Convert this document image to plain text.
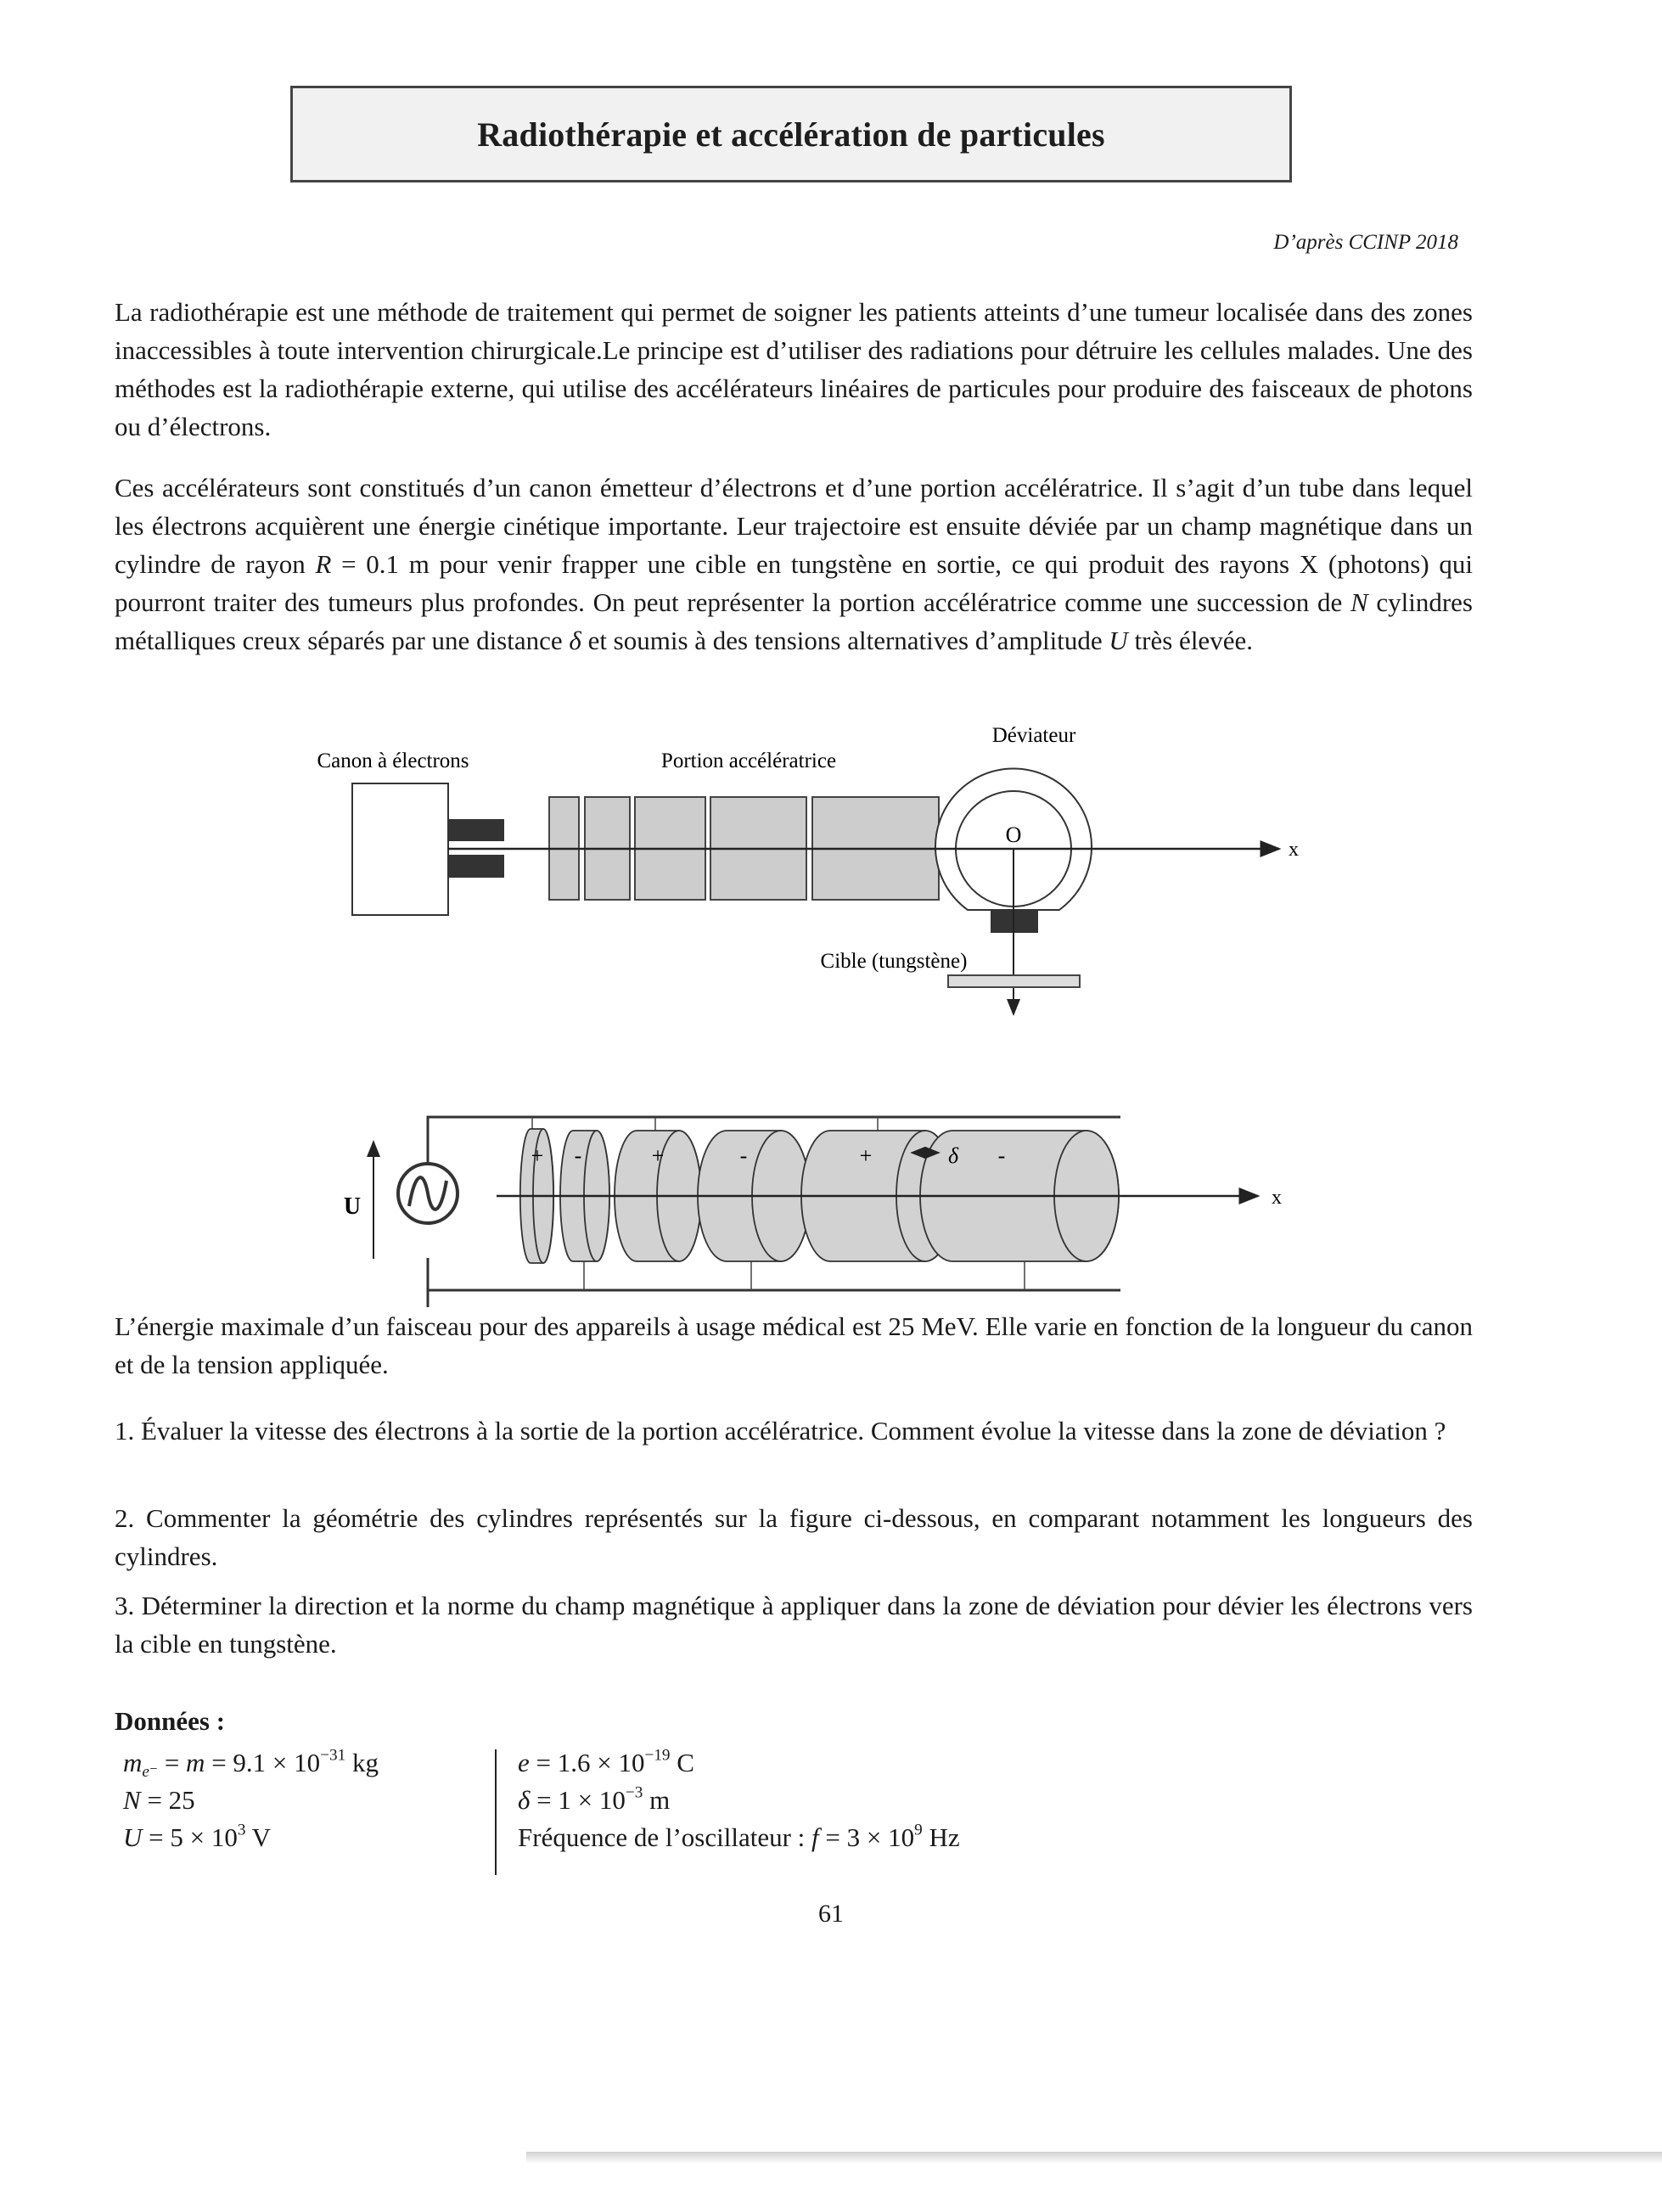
Radiothérapie et accélération de particules
D’après CCINP 2018

La radiothérapie est une méthode de traitement qui permet de soigner les patients atteints d’une tumeur localisée dans des zones inaccessibles à toute intervention chirurgicale.Le principe est d’utiliser des radiations pour détruire les cellules malades. Une des méthodes est la radiothérapie externe, qui utilise des accélérateurs linéaires de particules pour produire des faisceaux de photons ou d’électrons.

Ces accélérateurs sont constitués d’un canon émetteur d’électrons et d’une portion accélératrice. Il s’agit d’un tube dans lequel les électrons acquièrent une énergie cinétique importante. Leur trajectoire est ensuite déviée par un champ magnétique dans un cylindre de rayon R = 0.1 m pour venir frapper une cible en tungstène en sortie, ce qui produit des rayons X (photons) qui pourront traiter des tumeurs plus profondes. On peut représenter la portion accélératrice comme une succession de N cylindres métalliques creux séparés par une distance δ et soumis à des tensions alternatives d’amplitude U très élevée.

Canon à électrons	Portion accélératrice
Déviateur
O
x
Cible (tungstène)
U
+ -	+	-	+	-
δ
x

L’énergie maximale d’un faisceau pour des appareils à usage médical est 25 MeV. Elle varie en fonction de la longueur du canon et de la tension appliquée.

1. Évaluer la vitesse des électrons à la sortie de la portion accélératrice. Comment évolue la vitesse dans la zone de déviation ?

2. Commenter la géométrie des cylindres représentés sur la figure ci-dessous, en comparant notamment les longueurs des cylindres.

3. Déterminer la direction et la norme du champ magnétique à appliquer dans la zone de déviation pour dévier les électrons vers la cible en tungstène.

Données :
$m_{e^-} = m = 9.1 \times 10^{-31}$ kg
N = 25
$U = 5 \times 10^3$ V
$e = 1.6 \times 10^{-19}$ C
$\delta = 1 \times 10^{-3}$ m
Fréquence de l’oscillateur : $f = 3 \times 10^9$ Hz
61
